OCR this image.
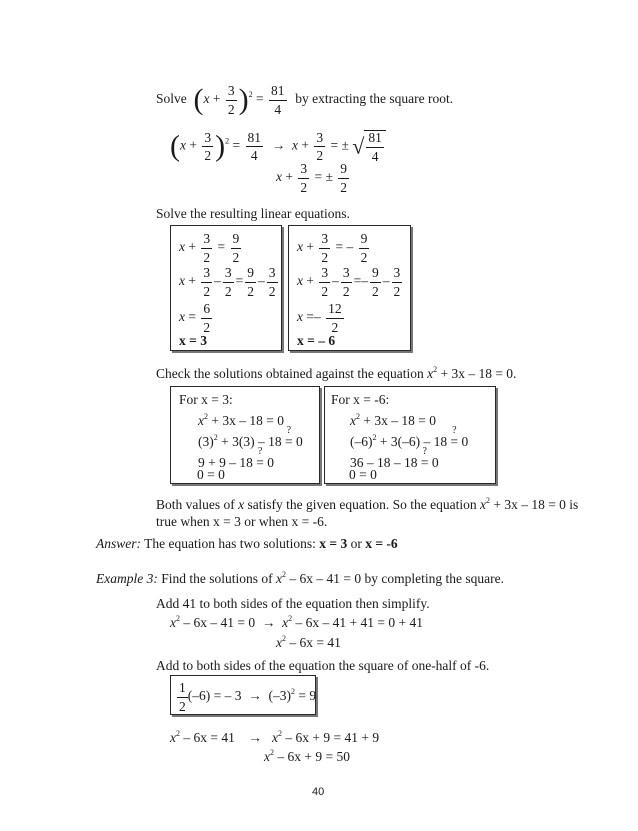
Solve $(x + \frac{3}{2} )^2 = \frac{81}{4}$ by extracting the square root.
$(x + \frac{3}{2} )^2 = \frac{81}{4} \to x + \frac{3}{2}$ = ± √ $\frac{81}{4}$
$x + \frac{3}{2}$ = ± $\frac{9}{2}$
Solve the resulting linear equations.
$x + \frac{3}{2} = \frac{9}{2}$
$x + \frac{3}{2} - \frac{3}{2} = \frac{9}{2} - \frac{3}{2}$
$x = \frac{6}{2}$
x = 3
$x + \frac{3}{2}$ = – $\frac{9}{2}$
$x + \frac{3}{2} - \frac{3}{2} =- \frac{9}{2} - \frac{3}{2}$
$x =- \frac{12}{2}$
x = – 6
Check the solutions obtained against the equation $x^2 + 3x - 18 = 0$.
For x = 3:
$x^2 + 3x - 18 = 0$
$(3)^2 + 3(3) - 18$
?
= 0
9 + 9 – 18
?
= 0
0 = 0
For x = -6:
$x^2 + 3x - 18 = 0$
$(-6)^2 + 3(-6) - 18$
?
= 0
36 – 18 – 18
?
= 0
0 = 0
Both values of x satisfy the given equation. So the equation $x^2 + 3x - 18 = 0$ is
true when x = 3 or when x = -6.
Answer: The equation has two solutions: x = 3 or x = -6
Example 3: Find the solutions of $x^2 - 6x - 41 = 0$ by completing the square.
Add 41 to both sides of the equation then simplify.
$x^2 - 6x - 41 = 0 \to x^2 - 6x - 41 + 41 = 0 + 41$
$x^2 - 6x = 41$
Add to both sides of the equation the square of one-half of -6.
$\frac{1}{2} (-6)$ = – $3 \to (-3)^2 = 9$
$x^2 - 6x = 41 \to x^2 - 6x + 9 = 41 + 9$
$x^2 - 6x + 9 = 50$
40
